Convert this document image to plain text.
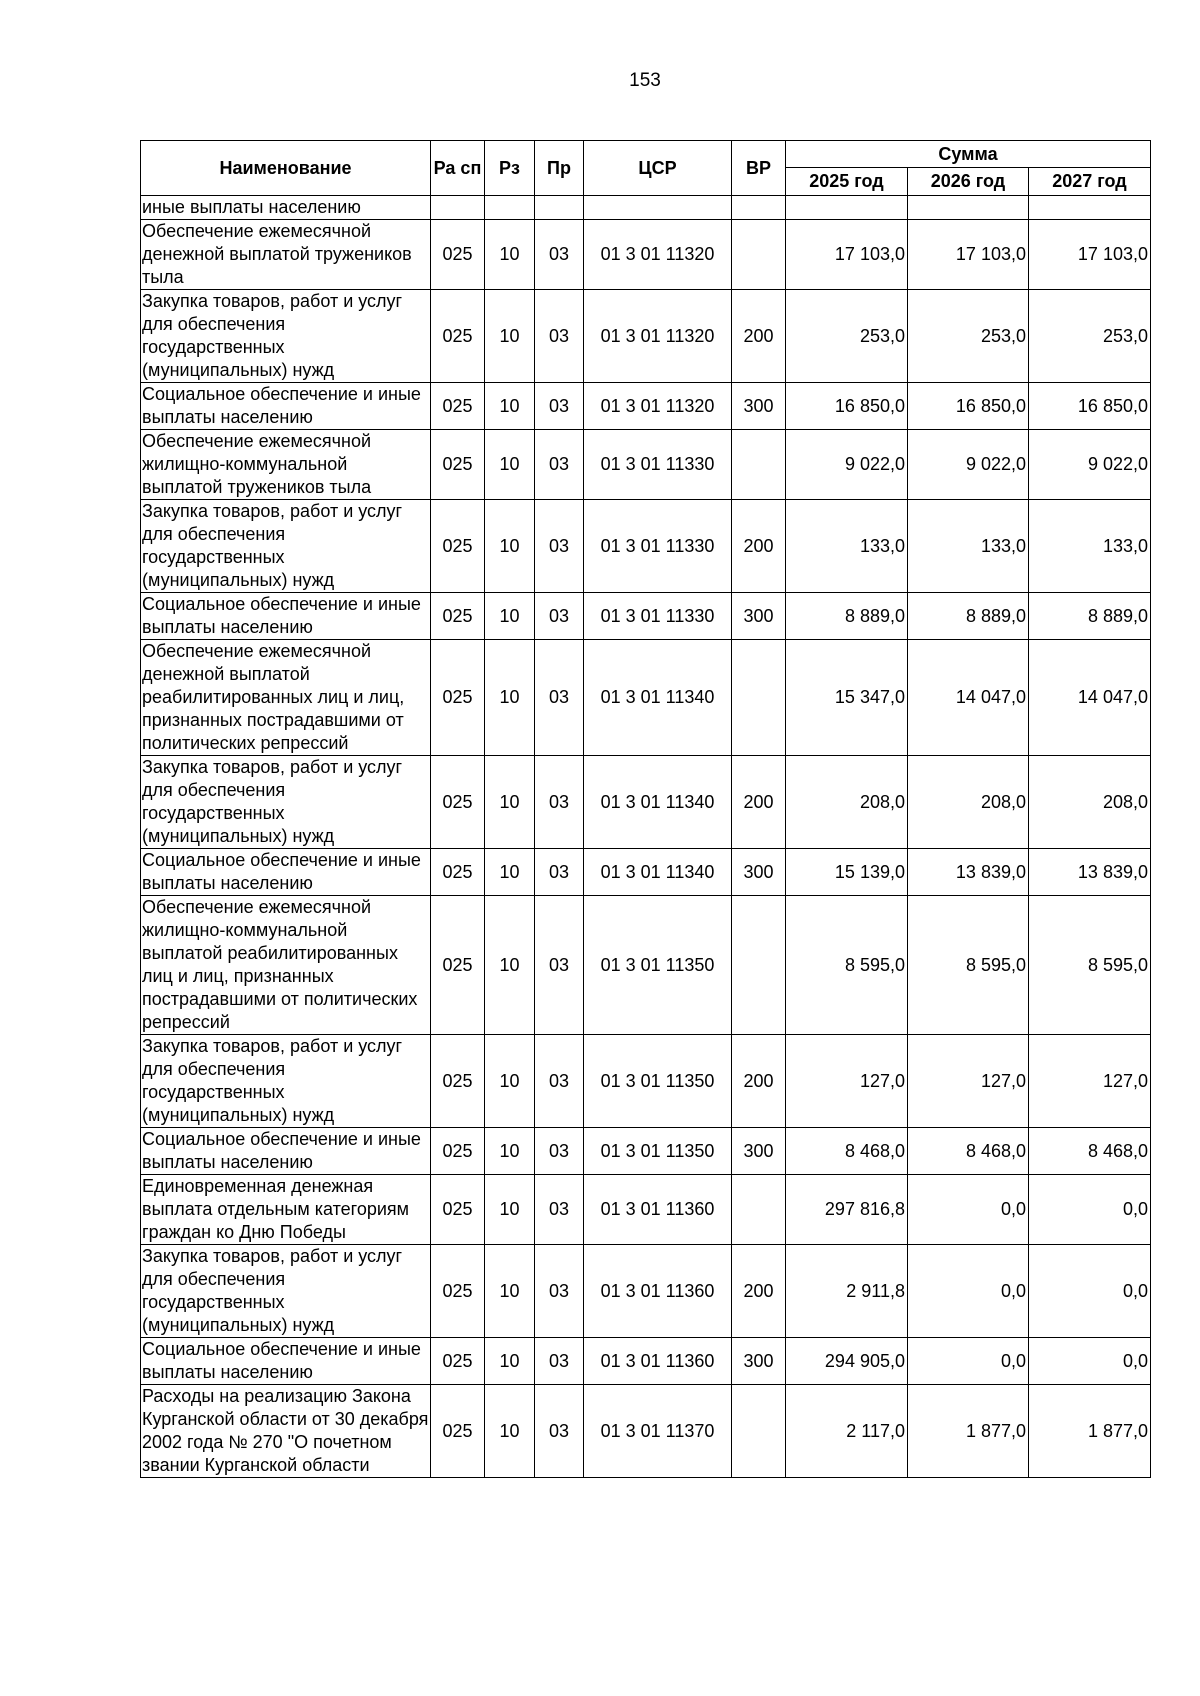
153
Наименование	Ра сп	Рз	Пр	ЦСР	ВР	Сумма		
						2025 год	2026 год	2027 год
иные выплаты населению								
Обеспечение ежемесячной денежной выплатой тружеников тыла	025	10	03	01 3 01 11320		17 103,0	17 103,0	17 103,0
Закупка товаров, работ и услуг для обеспечения государственных (муниципальных) нужд	025	10	03	01 3 01 11320	200	253,0	253,0	253,0
Социальное обеспечение и иные выплаты населению	025	10	03	01 3 01 11320	300	16 850,0	16 850,0	16 850,0
Обеспечение ежемесячной жилищно-коммунальной выплатой тружеников тыла	025	10	03	01 3 01 11330		9 022,0	9 022,0	9 022,0
Закупка товаров, работ и услуг для обеспечения государственных (муниципальных) нужд	025	10	03	01 3 01 11330	200	133,0	133,0	133,0
Социальное обеспечение и иные выплаты населению	025	10	03	01 3 01 11330	300	8 889,0	8 889,0	8 889,0
Обеспечение ежемесячной денежной выплатой реабилитированных лиц и лиц, признанных пострадавшими от политических репрессий	025	10	03	01 3 01 11340		15 347,0	14 047,0	14 047,0
Закупка товаров, работ и услуг для обеспечения государственных (муниципальных) нужд	025	10	03	01 3 01 11340	200	208,0	208,0	208,0
Социальное обеспечение и иные выплаты населению	025	10	03	01 3 01 11340	300	15 139,0	13 839,0	13 839,0
Обеспечение ежемесячной жилищно-коммунальной выплатой реабилитированных лиц и лиц, признанных пострадавшими от политических репрессий	025	10	03	01 3 01 11350		8 595,0	8 595,0	8 595,0
Закупка товаров, работ и услуг для обеспечения государственных (муниципальных) нужд	025	10	03	01 3 01 11350	200	127,0	127,0	127,0
Социальное обеспечение и иные выплаты населению	025	10	03	01 3 01 11350	300	8 468,0	8 468,0	8 468,0
Единовременная денежная выплата отдельным категориям граждан ко Дню Победы	025	10	03	01 3 01 11360		297 816,8	0,0	0,0
Закупка товаров, работ и услуг для обеспечения государственных (муниципальных) нужд	025	10	03	01 3 01 11360	200	2 911,8	0,0	0,0
Социальное обеспечение и иные выплаты населению	025	10	03	01 3 01 11360	300	294 905,0	0,0	0,0
Расходы на реализацию Закона Курганской области от 30 декабря 2002 года № 270 "О почетном звании Курганской области	025	10	03	01 3 01 11370		2 117,0	1 877,0	1 877,0
